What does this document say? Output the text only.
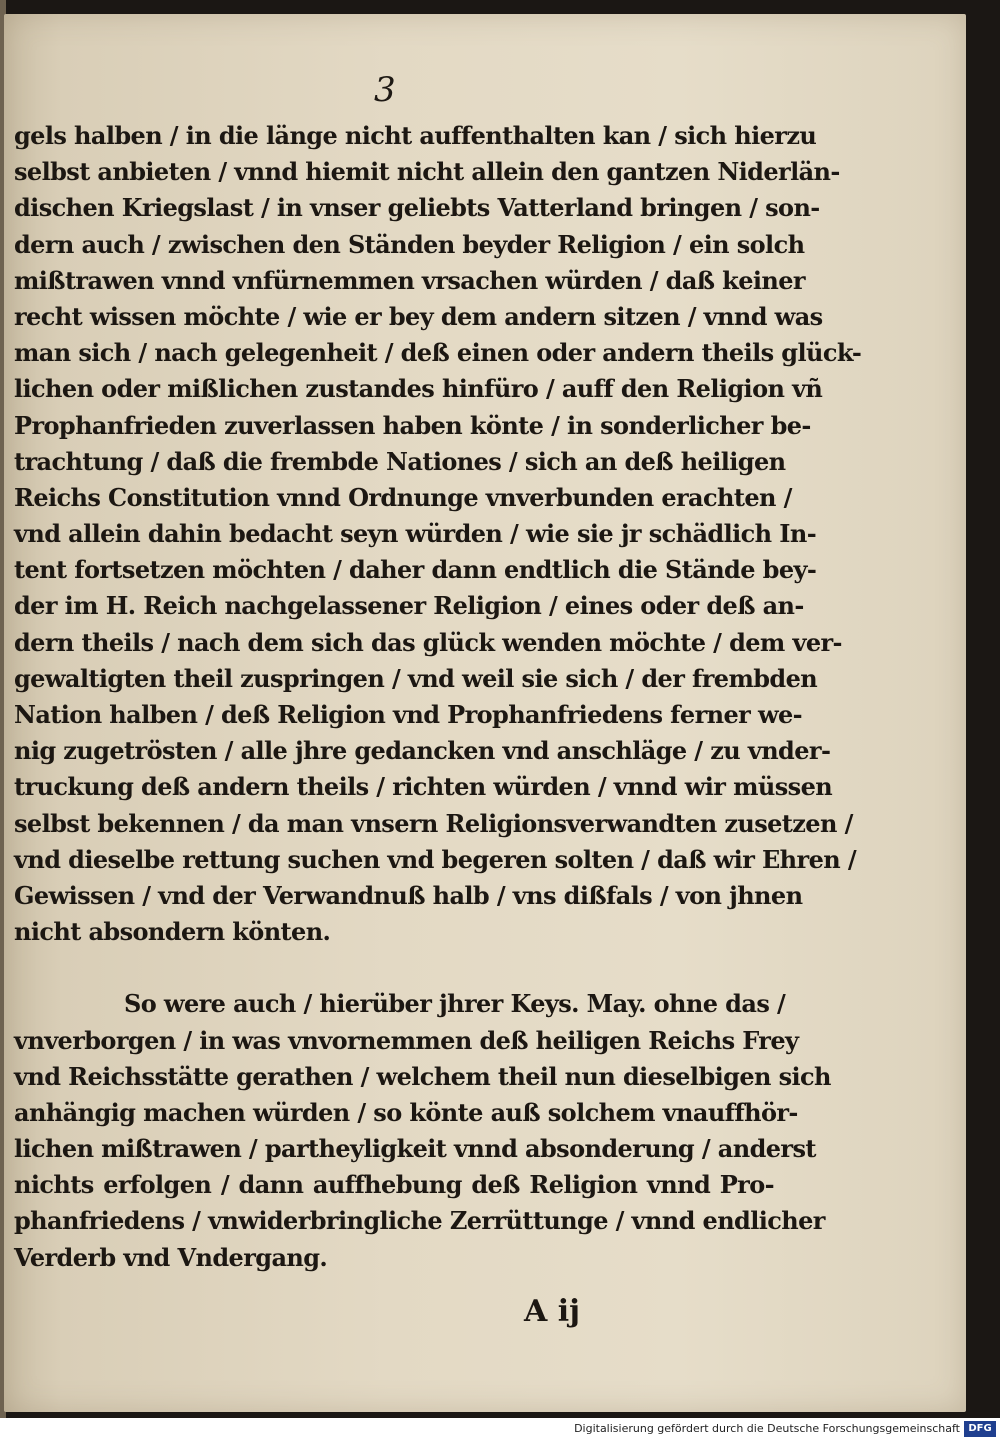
3
gels halben / in die länge nicht auffenthalten kan / sich hierzu
selbst anbieten / vnnd hiemit nicht allein den gantzen Niderlän-
dischen Kriegslast / in vnser geliebts Vatterland bringen / son-
dern auch / zwischen den Ständen beyder Religion / ein solch
mißtrawen vnnd vnfürnemmen vrsachen würden / daß keiner
recht wissen möchte / wie er bey dem andern sitzen / vnnd was
man sich / nach gelegenheit / deß einen oder andern theils glück-
lichen oder mißlichen zustandes hinfüro / auff den Religion vñ
Prophanfrieden zuverlassen haben könte / in sonderlicher be-
trachtung / daß die frembde Nationes / sich an deß heiligen
Reichs Constitution vnnd Ordnunge vnverbunden erachten /
vnd allein dahin bedacht seyn würden / wie sie jr schädlich In-
tent fortsetzen möchten / daher dann endtlich die Stände bey-
der im H. Reich nachgelassener Religion / eines oder deß an-
dern theils / nach dem sich das glück wenden möchte / dem ver-
gewaltigten theil zuspringen / vnd weil sie sich / der frembden
Nation halben / deß Religion vnd Prophanfriedens ferner we-
nig zugetrösten / alle jhre gedancken vnd anschläge / zu vnder-
truckung deß andern theils / richten würden / vnnd wir müssen
selbst bekennen / da man vnsern Religionsverwandten zusetzen /
vnd dieselbe rettung suchen vnd begeren solten / daß wir Ehren /
Gewissen / vnd der Verwandnuß halb / vns dißfals / von jhnen
nicht absondern könten.
So were auch / hierüber jhrer Keys. May. ohne das /
vnverborgen / in was vnvornemmen deß heiligen Reichs Frey
vnd Reichsstätte gerathen / welchem theil nun dieselbigen sich
anhängig machen würden / so könte auß solchem vnauffhör-
lichen mißtrawen / partheyligkeit vnnd absonderung / anderst
nichts erfolgen / dann auffhebung deß Religion vnnd Pro-
phanfriedens / vnwiderbringliche Zerrüttunge / vnnd endlicher
Verderb vnd Vndergang.
A ij
Digitalisierung gefördert durch die Deutsche Forschungsgemeinschaft DFG
